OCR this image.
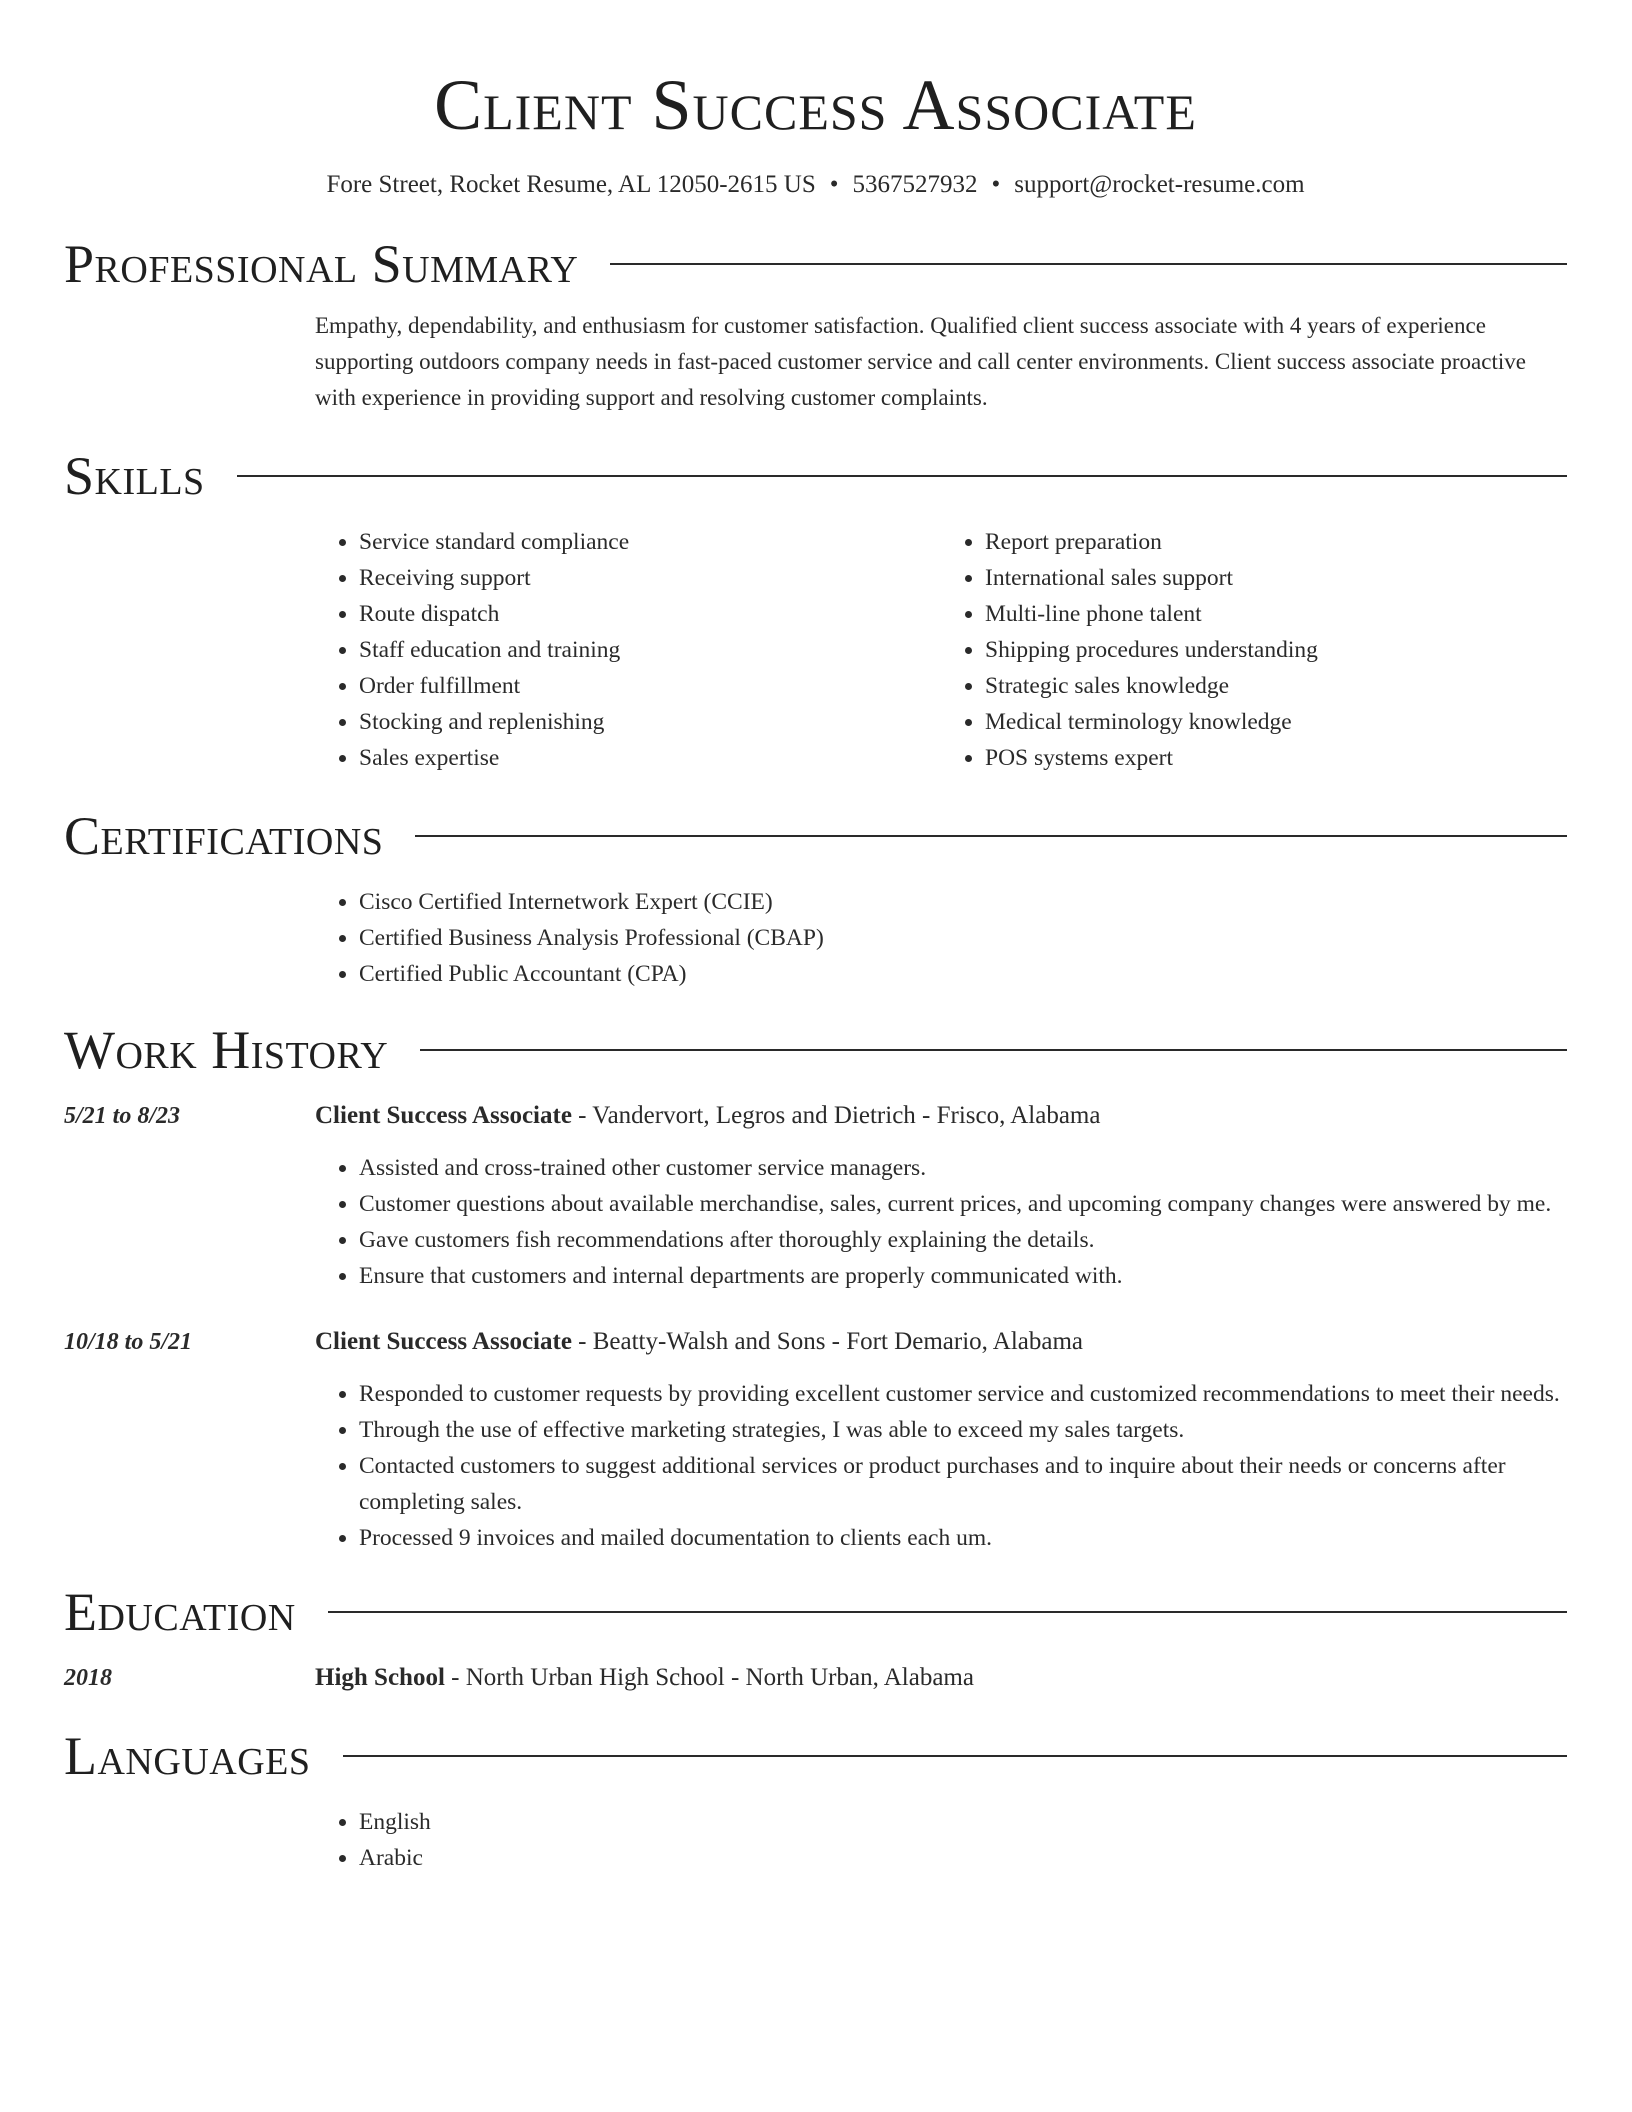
Client Success Associate
Fore Street, Rocket Resume, AL 12050-2615 US • 5367527932 • support@rocket-resume.com
Professional Summary

Empathy, dependability, and enthusiasm for customer satisfaction. Qualified client success associate with 4 years of experience supporting outdoors company needs in fast-paced customer service and call center environments. Client success associate proactive with experience in providing support and resolving customer complaints.

Skills
• Service standard compliance
• Receiving support
• Route dispatch
• Staff education and training
• Order fulfillment
• Stocking and replenishing
• Sales expertise
• Report preparation
• International sales support
• Multi-line phone talent
• Shipping procedures understanding
• Strategic sales knowledge
• Medical terminology knowledge
• POS systems expert
Certifications
• Cisco Certified Internetwork Expert (CCIE)
• Certified Business Analysis Professional (CBAP)
• Certified Public Accountant (CPA)
Work History
5/21 to 8/23	Client Success Associate - Vandervort, Legros and Dietrich - Frisco, Alabama
• Assisted and cross-trained other customer service managers.
• Customer questions about available merchandise, sales, current prices, and upcoming company changes were answered by me.
• Gave customers fish recommendations after thoroughly explaining the details.
• Ensure that customers and internal departments are properly communicated with.
10/18 to 5/21	Client Success Associate - Beatty-Walsh and Sons - Fort Demario, Alabama
• Responded to customer requests by providing excellent customer service and customized recommendations to meet their needs.
• Through the use of effective marketing strategies, I was able to exceed my sales targets.
• Contacted customers to suggest additional services or product purchases and to inquire about their needs or concerns after completing sales.
• Processed 9 invoices and mailed documentation to clients each um.
Education
2018	High School - North Urban High School - North Urban, Alabama
Languages
• English
• Arabic
